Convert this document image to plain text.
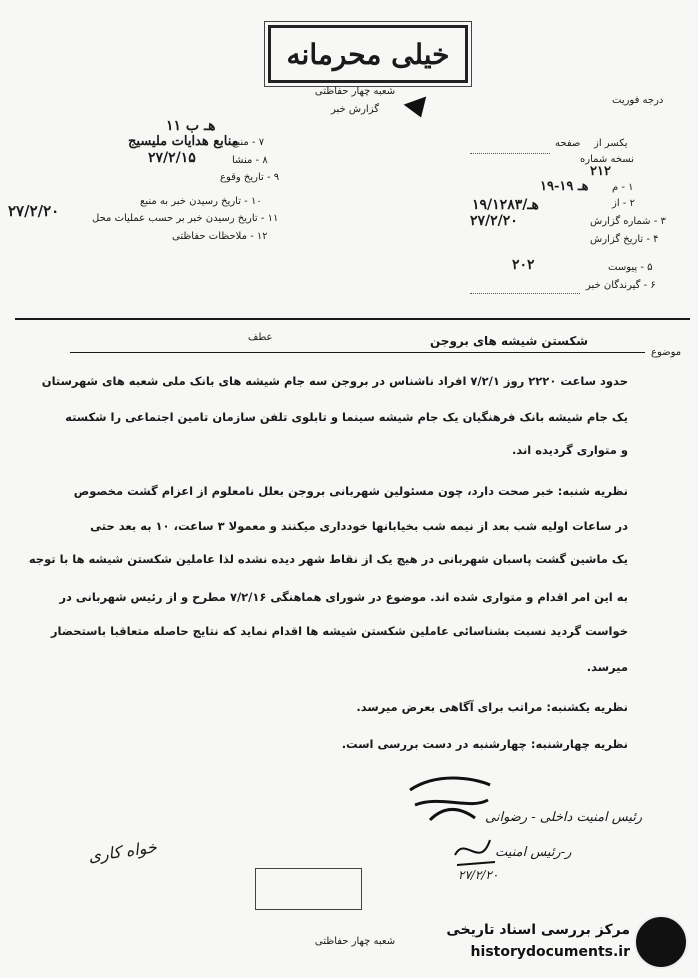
خیلی محرمانه
شعبه چهار حفاظتی
گزارش خبر
درجه فوریت
۱۱ هـ ب
۷ - منبع
منابع هدایات ملیسیج
۸ - منشا
۲۷/۲/۱۵
۹ - تاریخ وقوع
۱۰ - تاریخ رسیدن خبر به منبع
۱۱ - تاریخ رسیدن خبر بر حسب عملیات محل
۲۷/۲/۲۰
۱۲ - ملاحظات حفاظتی
صفحه یکسر از
نسخه شماره
۲۱۲
۱ - م
۱۹-۱۹ هـ
۲ - از
۱۹/۱۲۸۳/هـ
۳ - شماره گزارش
۲۷/۲/۲۰
۴ - تاریخ گزارش
۵ - پیوست
۲۰۲
۶ - گیرندگان خبر
موضوع
عطف	شکستن شیشه های بروجن
حدود ساعت ۲۲۲۰ روز ۷/۲/۱ افراد ناشناس در بروجن سه جام شیشه های بانک ملی شعبه های شهرستان
یک جام شیشه بانک فرهنگیان یک جام شیشه سینما و تابلوی تلفن سازمان تامین اجتماعی را شکسته
و متواری گردیده اند.
نظریه شنبه: خبر صحت دارد، چون مسئولین شهربانی بروجن بعلل نامعلوم از اعزام گشت مخصوص
در ساعات اولیه شب بعد از نیمه شب بخیابانها خودداری میکنند و معمولا ۳ ساعت، ۱۰ به بعد حتی
یک ماشین گشت پاسبان شهربانی در هیچ یک از نقاط شهر دیده نشده لذا عاملین شکستن شیشه ها با توجه
به این امر اقدام و متواری شده اند. موضوع در شورای هماهنگی ۷/۲/۱۶ مطرح و از رئیس شهربانی در
خواست گردید نسبت بشناسائی عاملین شکستن شیشه ها اقدام نماید که نتایج حاصله متعاقبا باستحضار
میرسد.
نظریه یکشنبه: مراتب برای آگاهی بعرض میرسد.
نظریه چهارشنبه: چهارشنبه در دست بررسی است.
رئیس امنیت داخلی - رضوانی
ر-رئیس امنیت
۲۷/۲/۲۰
خواه کاری
شعبه چهار حفاظتی
مرکز بررسی اسناد تاریخی
historydocuments.ir
